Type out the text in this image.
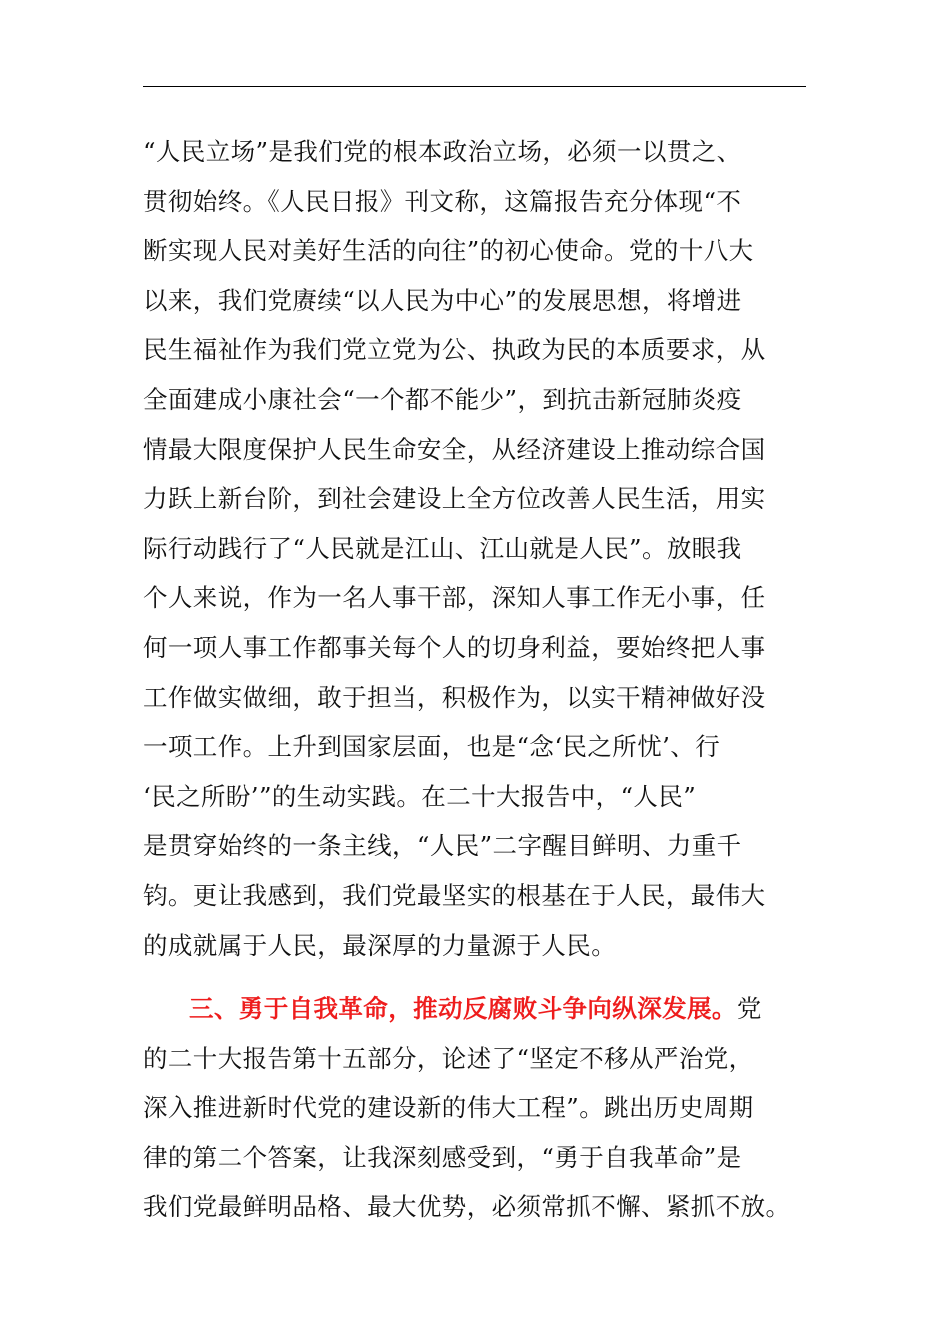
“人民立场”是我们党的根本政治立场，必须一以贯之、
贯彻始终。《人民日报》刊文称，这篇报告充分体现“不
断实现人民对美好生活的向往”的初心使命。党的十八大
以来，我们党赓续“以人民为中心”的发展思想，将增进
民生福祉作为我们党立党为公、执政为民的本质要求，从
全面建成小康社会“一个都不能少”，到抗击新冠肺炎疫
情最大限度保护人民生命安全，从经济建设上推动综合国
力跃上新台阶，到社会建设上全方位改善人民生活，用实
际行动践行了“人民就是江山、江山就是人民”。放眼我
个人来说，作为一名人事干部，深知人事工作无小事，任
何一项人事工作都事关每个人的切身利益，要始终把人事
工作做实做细，敢于担当，积极作为，以实干精神做好没
一项工作。上升到国家层面，也是“念‘民之所忧’、行
‘民之所盼’”的生动实践。在二十大报告中，“人民”
是贯穿始终的一条主线，“人民”二字醒目鲜明、力重千
钧。更让我感到，我们党最坚实的根基在于人民，最伟大
的成就属于人民，最深厚的力量源于人民。
三、勇于自我革命，推动反腐败斗争向纵深发展。党
的二十大报告第十五部分，论述了“坚定不移从严治党，
深入推进新时代党的建设新的伟大工程”。跳出历史周期
律的第二个答案，让我深刻感受到，“勇于自我革命”是
我们党最鲜明品格、最大优势，必须常抓不懈、紧抓不放。
